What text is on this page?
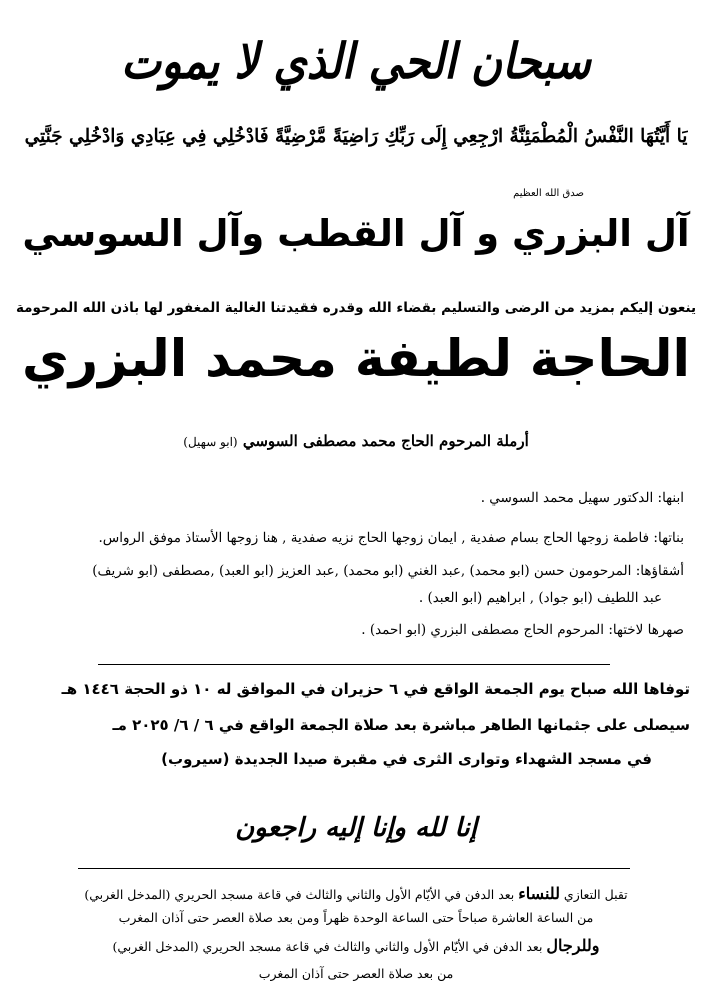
سبحان الحي الذي لا يموت
يَا أَيَّتُهَا النَّفْسُ الْمُطْمَئِنَّةُ ارْجِعِي إِلَى رَبِّكِ رَاضِيَةً مَّرْضِيَّةً فَادْخُلِي فِي عِبَادِي وَادْخُلِي جَنَّتِي
صدق الله العظيم
آل البزري و آل القطب وآل السوسي
ينعون إليكم بمزيد من الرضى والتسليم بقضاء الله وقدره فقيدتنا الغالية المغفور لها باذن الله المرحومة
الحاجة لطيفة محمد البزري
أرملة المرحوم الحاج محمد مصطفى السوسي (ابو سهيل)
ابنها: الدكتور سهيل محمد السوسي .
بناتها: فاطمة زوجها الحاج بسام صفدية , ايمان زوجها الحاج نزيه صفدية , هنا زوجها الأستاذ موفق الرواس.
أشقاؤها: المرحومون حسن (ابو محمد) ,عبد الغني (ابو محمد) ,عبد العزيز (ابو العبد) ,مصطفى (ابو شريف)
عبد اللطيف (ابو جواد) , ابراهيم (ابو العبد) .
صهرها لاختها: المرحوم الحاج مصطفى البزري (ابو احمد) .
توفاها الله صباح يوم الجمعة الواقع في ٦ حزيران في الموافق له ١٠ ذو الحجة ١٤٤٦ هـ
سيصلى على جثمانها الطاهر مباشرة بعد صلاة الجمعة الواقع في ٦ / ٦/ ٢٠٢٥ مـ
في مسجد الشهداء وتوارى الثرى في مقبرة صيدا الجديدة (سيروب)
إنا لله وإنا إليه راجعون
تقبل التعازي للنساء بعد الدفن في الأيّام الأول والثاني والثالث في قاعة مسجد الحريري (المدخل الغربي)
من الساعة العاشرة صباحاً حتى الساعة الوحدة ظهراً ومن بعد صلاة العصر حتى آذان المغرب
وللرجال بعد الدفن في الأيّام الأول والثاني والثالث في قاعة مسجد الحريري (المدخل الغربي)
من بعد صلاة العصر حتى آذان المغرب
